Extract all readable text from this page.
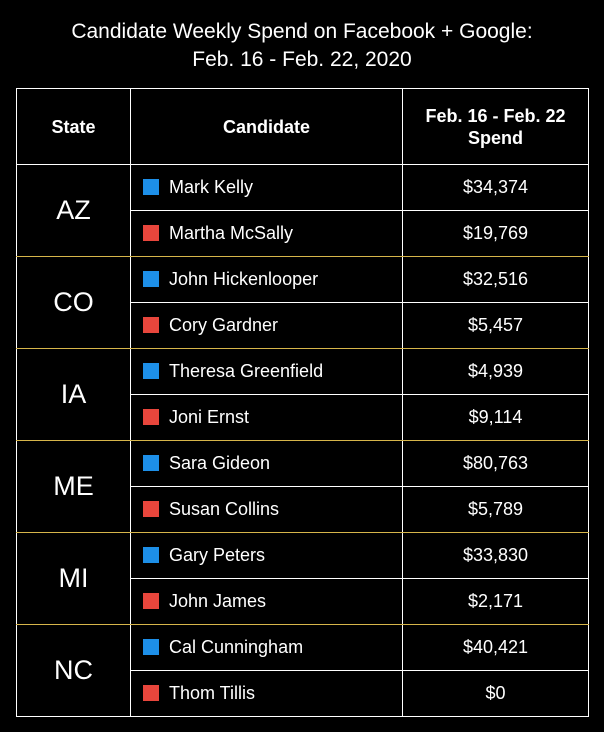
Candidate Weekly Spend on Facebook + Google:
Feb. 16 - Feb. 22, 2020
State	Candidate	Feb. 16 - Feb. 22 Spend

AZ	Mark Kelly	$34,374
	Martha McSally	$19,769
CO	John Hickenlooper	$32,516
	Cory Gardner	$5,457
IA	Theresa Greenfield	$4,939
	Joni Ernst	$9,114
ME	Sara Gideon	$80,763
	Susan Collins	$5,789
MI	Gary Peters	$33,830
	John James	$2,171
NC	Cal Cunningham	$40,421
	Thom Tillis	$0
